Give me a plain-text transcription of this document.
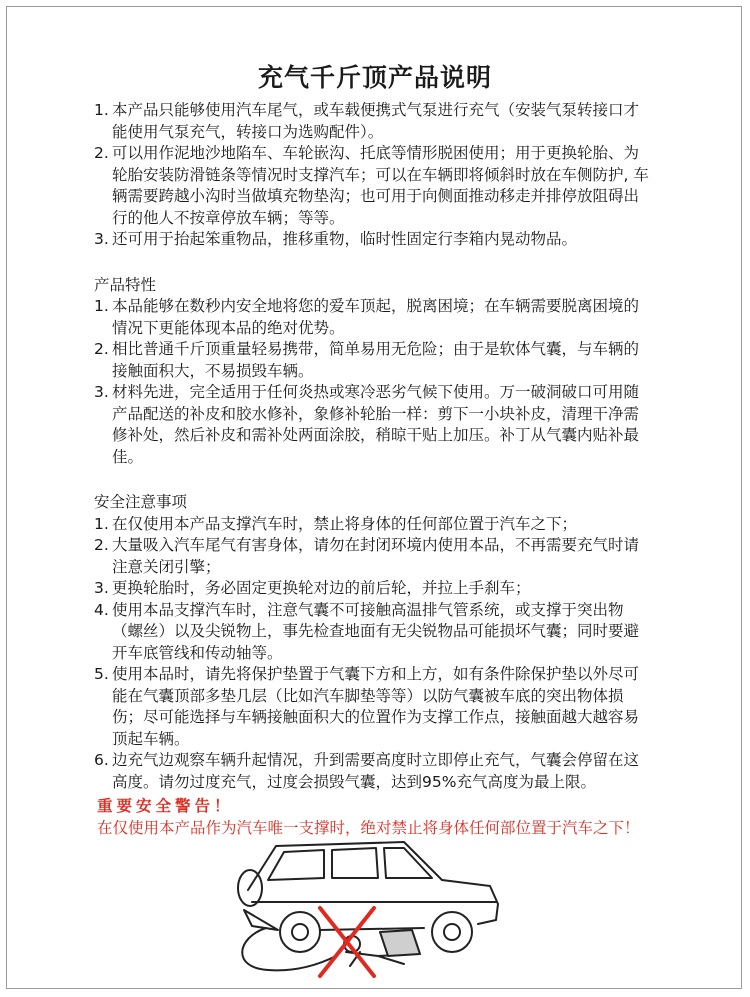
充气千斤顶产品说明
1. 本产品只能够使用汽车尾气，或车载便携式气泵进行充气（安装气泵转接口才能使用气泵充气，转接口为选购配件）。
2. 可以用作泥地沙地陷车、车轮嵌沟、托底等情形脱困使用；用于更换轮胎、为轮胎安装防滑链条等情况时支撑汽车；可以在车辆即将倾斜时放在车侧防护, 车辆需要跨越小沟时当做填充物垫沟；也可用于向侧面推动移走并排停放阻碍出行的他人不按章停放车辆；等等。
3. 还可用于抬起笨重物品，推移重物，临时性固定行李箱内晃动物品。
产品特性
1. 本品能够在数秒内安全地将您的爱车顶起，脱离困境；在车辆需要脱离困境的情况下更能体现本品的绝对优势。
2. 相比普通千斤顶重量轻易携带，简单易用无危险；由于是软体气囊，与车辆的接触面积大，不易损毁车辆。
3. 材料先进，完全适用于任何炎热或寒冷恶劣气候下使用。万一破洞破口可用随产品配送的补皮和胶水修补，象修补轮胎一样：剪下一小块补皮，清理干净需修补处，然后补皮和需补处两面涂胶，稍晾干贴上加压。补丁从气囊内贴补最佳。
安全注意事项
1. 在仅使用本产品支撑汽车时，禁止将身体的任何部位置于汽车之下；
2. 大量吸入汽车尾气有害身体，请勿在封闭环境内使用本品，不再需要充气时请注意关闭引擎；
3. 更换轮胎时，务必固定更换轮对边的前后轮，并拉上手刹车；
4. 使用本品支撑汽车时，注意气囊不可接触高温排气管系统，或支撑于突出物（螺丝）以及尖锐物上，事先检查地面有无尖锐物品可能损坏气囊；同时要避开车底管线和传动轴等。
5. 使用本品时，请先将保护垫置于气囊下方和上方，如有条件除保护垫以外尽可能在气囊顶部多垫几层（比如汽车脚垫等等）以防气囊被车底的突出物体损伤；尽可能选择与车辆接触面积大的位置作为支撑工作点，接触面越大越容易顶起车辆。
6. 边充气边观察车辆升起情况，升到需要高度时立即停止充气，气囊会停留在这高度。请勿过度充气，过度会损毁气囊，达到95%充气高度为最上限。
重要安全警告！
在仅使用本产品作为汽车唯一支撑时，绝对禁止将身体任何部位置于汽车之下！
